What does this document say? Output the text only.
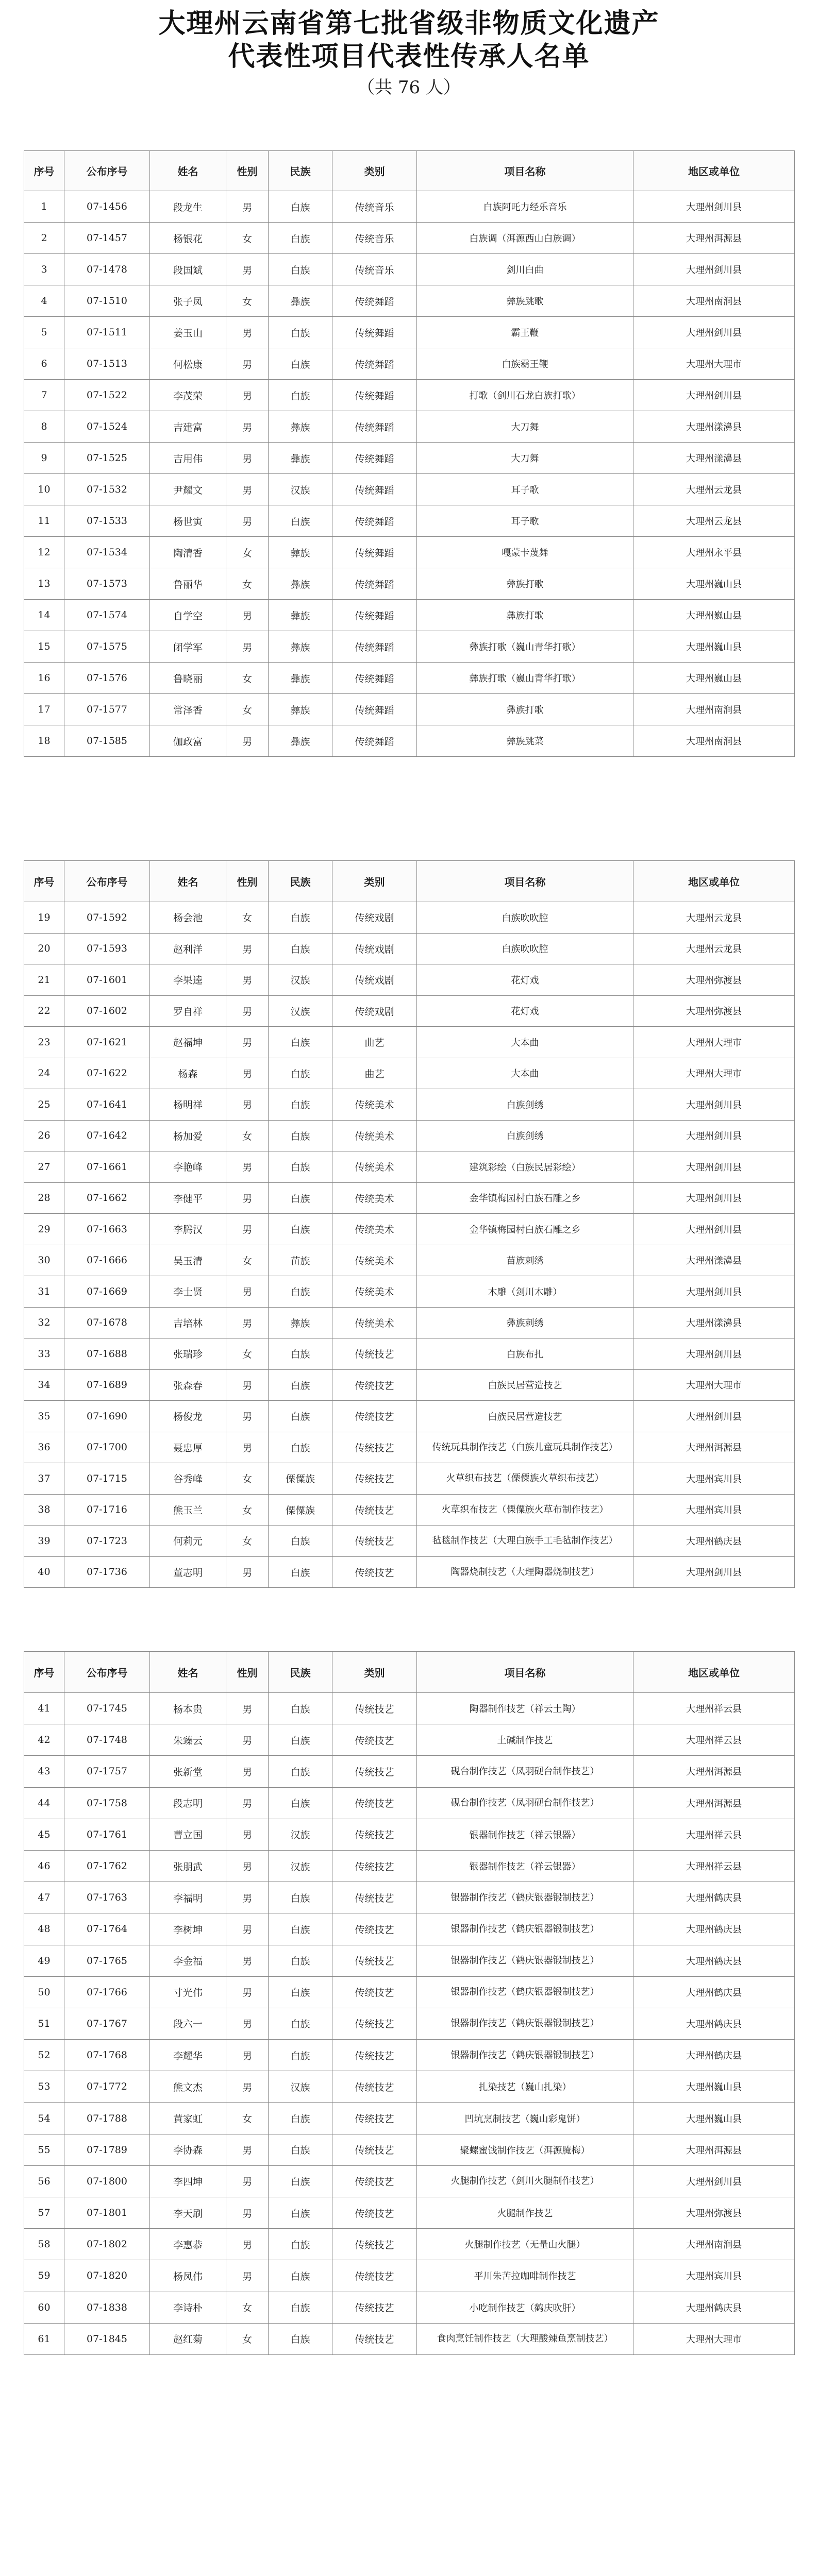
大理州云南省第七批省级非物质文化遗产
代表性项目代表性传承人名单
（共 76 人）
序号	公布序号	姓名	性别	民族	类别	项目名称	地区或单位
1	07-1456	段龙生	男	白族	传统音乐	白族阿吒力经乐音乐	大理州剑川县
2	07-1457	杨银花	女	白族	传统音乐	白族调（洱源西山白族调）	大理州洱源县
3	07-1478	段国斌	男	白族	传统音乐	剑川白曲	大理州剑川县
4	07-1510	张子凤	女	彝族	传统舞蹈	彝族跳歌	大理州南涧县
5	07-1511	姜玉山	男	白族	传统舞蹈	霸王鞭	大理州剑川县
6	07-1513	何松康	男	白族	传统舞蹈	白族霸王鞭	大理州大理市
7	07-1522	李茂荣	男	白族	传统舞蹈	打歌（剑川石龙白族打歌）	大理州剑川县
8	07-1524	吉建富	男	彝族	传统舞蹈	大刀舞	大理州漾濞县
9	07-1525	吉用伟	男	彝族	传统舞蹈	大刀舞	大理州漾濞县
10	07-1532	尹耀文	男	汉族	传统舞蹈	耳子歌	大理州云龙县
11	07-1533	杨世寅	男	白族	传统舞蹈	耳子歌	大理州云龙县
12	07-1534	陶清香	女	彝族	传统舞蹈	嘎蒙卡蔑舞	大理州永平县
13	07-1573	鲁丽华	女	彝族	传统舞蹈	彝族打歌	大理州巍山县
14	07-1574	自学空	男	彝族	传统舞蹈	彝族打歌	大理州巍山县
15	07-1575	闭学军	男	彝族	传统舞蹈	彝族打歌（巍山青华打歌）	大理州巍山县
16	07-1576	鲁晓丽	女	彝族	传统舞蹈	彝族打歌（巍山青华打歌）	大理州巍山县
17	07-1577	常泽香	女	彝族	传统舞蹈	彝族打歌	大理州南涧县
18	07-1585	伽政富	男	彝族	传统舞蹈	彝族跳菜	大理州南涧县
序号	公布序号	姓名	性别	民族	类别	项目名称	地区或单位
19	07-1592	杨会池	女	白族	传统戏剧	白族吹吹腔	大理州云龙县
20	07-1593	赵利洋	男	白族	传统戏剧	白族吹吹腔	大理州云龙县
21	07-1601	李果逵	男	汉族	传统戏剧	花灯戏	大理州弥渡县
22	07-1602	罗自祥	男	汉族	传统戏剧	花灯戏	大理州弥渡县
23	07-1621	赵福坤	男	白族	曲艺	大本曲	大理州大理市
24	07-1622	杨森	男	白族	曲艺	大本曲	大理州大理市
25	07-1641	杨明祥	男	白族	传统美术	白族剑绣	大理州剑川县
26	07-1642	杨加爱	女	白族	传统美术	白族剑绣	大理州剑川县
27	07-1661	李艳峰	男	白族	传统美术	建筑彩绘（白族民居彩绘）	大理州剑川县
28	07-1662	李健平	男	白族	传统美术	金华镇梅园村白族石雕之乡	大理州剑川县
29	07-1663	李腾汉	男	白族	传统美术	金华镇梅园村白族石雕之乡	大理州剑川县
30	07-1666	吴玉清	女	苗族	传统美术	苗族刺绣	大理州漾濞县
31	07-1669	李士贤	男	白族	传统美术	木雕（剑川木雕）	大理州剑川县
32	07-1678	吉培林	男	彝族	传统美术	彝族刺绣	大理州漾濞县
33	07-1688	张瑞珍	女	白族	传统技艺	白族布扎	大理州剑川县
34	07-1689	张森春	男	白族	传统技艺	白族民居营造技艺	大理州大理市
35	07-1690	杨俊龙	男	白族	传统技艺	白族民居营造技艺	大理州剑川县
36	07-1700	聂忠厚	男	白族	传统技艺	传统玩具制作技艺（白族儿童玩具制作技艺）	大理州洱源县
37	07-1715	谷秀峰	女	傈僳族	传统技艺	火草织布技艺（傈僳族火草织布技艺）	大理州宾川县
38	07-1716	熊玉兰	女	傈僳族	传统技艺	火草织布技艺（傈僳族火草布制作技艺）	大理州宾川县
39	07-1723	何莉元	女	白族	传统技艺	毡毯制作技艺（大理白族手工毛毡制作技艺）	大理州鹤庆县
40	07-1736	董志明	男	白族	传统技艺	陶器烧制技艺（大理陶器烧制技艺）	大理州剑川县
序号	公布序号	姓名	性别	民族	类别	项目名称	地区或单位
41	07-1745	杨本贵	男	白族	传统技艺	陶器制作技艺（祥云土陶）	大理州祥云县
42	07-1748	朱臻云	男	白族	传统技艺	土碱制作技艺	大理州祥云县
43	07-1757	张新堂	男	白族	传统技艺	砚台制作技艺（凤羽砚台制作技艺）	大理州洱源县
44	07-1758	段志明	男	白族	传统技艺	砚台制作技艺（凤羽砚台制作技艺）	大理州洱源县
45	07-1761	曹立国	男	汉族	传统技艺	银器制作技艺（祥云银器）	大理州祥云县
46	07-1762	张朋武	男	汉族	传统技艺	银器制作技艺（祥云银器）	大理州祥云县
47	07-1763	李福明	男	白族	传统技艺	银器制作技艺（鹤庆银器锻制技艺）	大理州鹤庆县
48	07-1764	李树坤	男	白族	传统技艺	银器制作技艺（鹤庆银器锻制技艺）	大理州鹤庆县
49	07-1765	李金福	男	白族	传统技艺	银器制作技艺（鹤庆银器锻制技艺）	大理州鹤庆县
50	07-1766	寸光伟	男	白族	传统技艺	银器制作技艺（鹤庆银器锻制技艺）	大理州鹤庆县
51	07-1767	段六一	男	白族	传统技艺	银器制作技艺（鹤庆银器锻制技艺）	大理州鹤庆县
52	07-1768	李耀华	男	白族	传统技艺	银器制作技艺（鹤庆银器锻制技艺）	大理州鹤庆县
53	07-1772	熊文杰	男	汉族	传统技艺	扎染技艺（巍山扎染）	大理州巍山县
54	07-1788	黄家虹	女	白族	传统技艺	凹坑烹制技艺（巍山彩鬼饼）	大理州巍山县
55	07-1789	李协森	男	白族	传统技艺	聚螺蜜饯制作技艺（洱源腌梅）	大理州洱源县
56	07-1800	李四坤	男	白族	传统技艺	火腿制作技艺（剑川火腿制作技艺）	大理州剑川县
57	07-1801	李天刷	男	白族	传统技艺	火腿制作技艺	大理州弥渡县
58	07-1802	李惠恭	男	白族	传统技艺	火腿制作技艺（无量山火腿）	大理州南涧县
59	07-1820	杨凤伟	男	白族	传统技艺	平川朱苦拉咖啡制作技艺	大理州宾川县
60	07-1838	李诗朴	女	白族	传统技艺	小吃制作技艺（鹤庆吹肝）	大理州鹤庆县
61	07-1845	赵红菊	女	白族	传统技艺	食肉烹饪制作技艺（大理酸辣鱼烹制技艺）	大理州大理市
